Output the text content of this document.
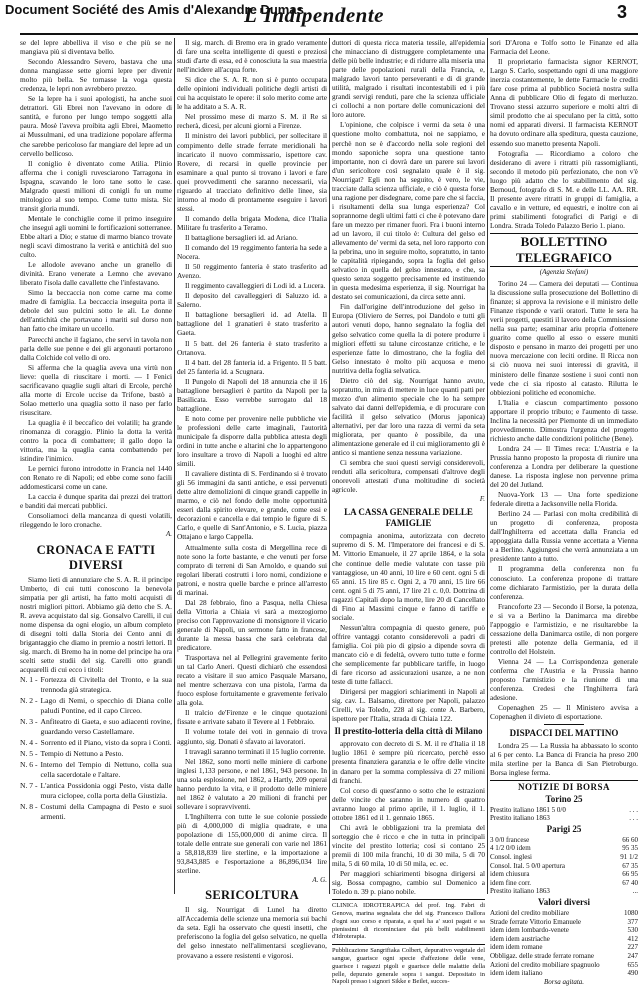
Document Société des Amis d'Alexandre Dumas
L'Indipendente	3

se del lepre abbelliva il viso e che più se ne mangiava più si diventava bello.

Secondo Alessandro Severo, bastava che una donna mangiasse sette giorni lepre per divenir molto più bella. Se tornasse la voga questa credenza, le lepri non avrebbero prezzo.

Se la lepre ha i suoi apologisti, ha anche suoi detrattori. Gli Ebrei non l'avevano in odore di santità, e furono per lungo tempo soggetti alla paura. Mosè l'aveva proibita agli Ebrei, Maometto ai Mussulmani, ed una tradizione popolare afferma che sarebbe pericoloso far mangiare del lepre ad un cervello bellicoso.

Il coniglio è diventato come Atilia. Plinio afferma che i conigli ruvesciarono Tarragona in Ispagna, scavando le loro tane sotto le case. Malgrado questi milioni di conigli fu un nume mitologico al suo tempo. Come tutto mista. Sic transit gloria mundi.

Mentale le conchiglie come il primo inseguire che inseguì agli uomini le fortificazioni sotterranee. Ebbe altari a Dio; e statue di marmo bianco trovate negli scavi dimostrano la verità e antichità del suo culto.

Le allodole avevano anche un granello di divinità. Erano venerate a Lemno che avevano liberato l'isola dalle cavallette che l'infestavano.

Simo la beccaccia non come carne ma come madre di famiglia. La beccaccia inseguita porta il debole del suo pulcini sotto le ali. Le donne dell'antichità che portavano i mariti sul dorso non han fatto che imitare un uccello.

Parecchi anche il fagiano, che servì in tavola non parla delle sue penne e dei gli argonauti portarono dalla Colchide col vello di oro.

Si afferma che la quaglia aveva una virtù non lieve: quella di riuscitare i morti. — I Fenici sacrificavano quaglie sugli altari di Ercole, perchè alla morte di Ercole uccise da Trifone, bastò a Solao metterlo una quaglia sotto il naso per farlo risuscitare.

La quaglia è il beccafico dei volatili; ha grande rinomanza di coraggio. Plinio la dotta la verità contro la poca di combattere; il gallo dopo la vittoria, ma la quaglia canta combattendo per istindire l'inimico.

Le pernici furono introdotte in Francia nel 1440 con Renato re di Napoli; ed ebbe come sono facili addomesticarsi come un cane.

La caccia è dunque sparita dai prezzi dei trattori e banditi dai mercati pubblici.

Consoliamoci della mancanza di questi volatili, rileggendo le loro cronache.

A.
CRONACA E FATTI DIVERSI

Siamo lieti di annunziare che S. A. R. il principe Umberto, di cui tutti conoscono la benevola simpatia per gli artisti, ha fatto molti acquisti di nostri migliori pittori. Abbiamo già detto che S. A. R. aveva acquistato dal sig. Gonsalvo Carelli, il cui nome dispensa da ogni elogio, un album completo di disegni tolti dalla Storia dei Cento anni di brigantaggio che diamo in premio a nostri lettori. Il sig. march. di Bremo ha in nome del principe ha ora scelti sette studii del sig. Carelli otto grandi acquarelli di cui ecco i titoli:

N. 1 - Fortezza di Civitella del Tronto, e la sua trennoda già strategica.
N. 2 - Lago di Nemi, o specchio di Diana colle paludi Pontine, ed il capo Circeo.
N. 3 - Anfiteatro di Gaeta, e suo adiacenti rovine, guardando verso Castellamare.
N. 4 - Sorrento ed il Piano, visto da sopra i Conti.
N. 5 - Tempio di Nettuno a Pesto.
N. 6 - Interno del Tempio di Nettuno, colla sua cella sacerdotale e l'altare.
N. 7 - L'antica Possidonia oggi Pesto, vista dalle mura ciclopee, colla porta della Giustizia.
N. 8 - Costumi della Campagna di Pesto e suoi armenti.

Il sig. march. di Bremo era in grado veramente di fare una scelta intelligente di questi e preziosi studi d'arte di essa, ed è conosciuta la sua maestria nell'incidere all'acqua forte.

Si dice che S. A. R. non si è punto occupata delle opinioni individuali politiche degli artisti di cui ha acquistato le opere: il solo merito come arte le ha additato a S. A. R.

Nel prossimo mese di marzo S. M. il Re si recherà, dicesi, per alcuni giorni a Firenze.

Il ministro dei lavori pubblici, per sollecitare il compimento delle strade ferrate meridionali ha incaricato il nuovo commissario, ispettore cav. Rovere, di recarsi in quelle provincie per esaminare a qual punto si trovano i lavori e fare quei provvedimenti che saranno necessarii, via riguardo al tracciato definitivo delle linee, sia intorno al modo di prontamente eseguire i lavori stessi.

Il comando della brigata Modena, dice l'Italia Militare fu trasferito a Teramo.

Il battaglione bersaglieri id. ad Ariano.

Il comando del 19 reggimento fanteria ha sede a Nocera.

Il 50 reggimento fanteria è stato trasferito ad Avenzo.

Il reggimento cavalleggieri di Lodi id. a Lucera.

Il deposito del cavalleggieri di Saluzzo id. a Salerno.

Il battaglione bersaglieri id. ad Atella. Il battaglione del 1 granatieri è stato trasferito a Gaeta.

Il 5 batt. del 26 fanteria è stato trasferito a Ortanova.

Il 4 batt. del 28 fanteria id. a Frigento. Il 5 batt. del 25 fanteria id. a Scugnara.

Il Pungolo di Napoli del 18 annunzia che il 16 battaglione bersaglieri è partito da Napoli per la Basilicata. Esso verrebbe surrogato dal 18 battaglione.

E noto come per provenire nelle pubbliche vie le professioni delle carte imaginali, l'autorità municipale fa disporre dalla pubblica attesta degli ordini in tutte anche e altarini che lo appartengono loro insultare a trovo di Napoli a luoghi ed altre simili.

Il cavaliere distinta di S. Ferdinando si è trovato gli 56 immagini da santi antiche, e essi pervenuti dette altre demolizioni di cinque grandi cappelle in marmo, e ciò nel fondo delle molte opportunità esseri dalla spirito elevare, e grande, come essi e decorazioni e cancella e dai tempio le figure di S. Carlo, e quelle di Sant'Antonio, e S. Lucia, piazza Ottajano e largo Cappella.

Attualmente sulla costa di Mergellina rece di note sono la forte bastante, e che venuti per forse comprato di terreni di San Arnoldo, e quando sui regolari liberati costrutti i loro nomi, condizione e patroni, e nostra quelle barche e prince all'arresto di marinai.

Dal 28 febbraio, fino a Pasqua, nella Chiesa della Vittoria a Chiaia vi sarà a mezzogiorno preciso con l'approvazione di monsignore il vicario generale di Napoli, un sermone fatto in francese, durante la messa bassa che sarà celebrata dal predicatore.

Trasportava nel al Pellegrini gravemente ferito un tal Carlo Aneri. Questi dichiarò che essendosi recato a visitare il suo amico Pasquale Marsano, nel mentre scherzava con una pistola, l'arma da fuoco esplose fortuitamente e gravemente ferivalo alla gola.

Il tralcio de'Firenze e le cinque quotazioni fissate e arrivate sabato il Tevere al 1 Febbraio.

Il volume totale dei voti in gennaio di trova aggiunto, sig. Donati è sfavato ai lavoratori.

I travagli saranno terminati il 15 luglio corrente.

Nel 1862, sono morti nelle miniere di carbone inglesi 1,133 persone, e nel 1861, 943 persone. In una sola esplosione, nel 1862, a Hartly, 209 operai hanno perduto la vita, e il prodotto delle miniere nel 1862 è valutato a 20 milioni di franchi per sollevare i sopravviventi.

L'Inghilterra con tutte le sue colonie possiede più di 4,000,000 di miglia quadrate, e una popolazione di 155,000,000 di anime circa. Il totale delle entrate sue generali con varie nel 1861 a 58,818,839 lire sterline, e la importazione a 93,843,885 e l'esportazione a 86,896,034 lire sterline.

A. G.
SERICOLTURA

Il sig. Nourrigat di Lunel ha diretto all'Accademia delle scienze una memoria sui bachi da seta. Egli ha osservato che questi insetti, che preferiscono la foglia del gelso selvatico, ne quella del gelso innestato nell'alimentarsi sceglievano, provavano a essere resistenti e vigorosi.

duttori di questa ricca materia tessile, all'epidemia che minacciano di distruggere completamente una delle più belle industrie; e di ridurre alla miseria una parte delle popolazioni rurali della Francia, e, malgrado lavori tanto perseveranti e di di grande utilità, malgrado i risultati incontestabili ed i più grandi servigi renduti, pare che la scienza ufficiale ci collochi a non portare delle comunicazioni del loro autore.

L'opinione, che colpisce i vermi da seta è una questione molto combattuta, noi ne sappiamo, e perchè non se è d'accordo nella sole regioni del mondo saponiche sopra una questione tanto importante, non ci dovrà dare un parere sui lavori d'un sericoltore così segnalato quale è il sig. Nourrigat? Egli non ha seguito, è vero, le vie, tracciate dalla scienza ufficiale, e ciò è questa forse una ragione per disdegnare, come pare che si faccia, i risultamenti della sua lunga esperienza? Col soprannome degli ultimi fatti ci che è potevano dare fare un mezzo per rimaner fuori. Fra i buoni interno ad un lavoro, il cui titolo è: Cultura del gelso ed allevamento de' vermi da seta, nel loro rapporto con la pebrina, uno in seguire molto, sopratutto, in tanto le capitalità ripiegando, sopra la foglia del gelso selvatico in quella del gelso innestato, e che, sa questo senza soggetto precisamente ed instituendo in questa medesima esperienza, il sig. Nourrigat ha destato sei comunicazioni, da circa sette anni.

Fin dall'origine dell'introduzione del gelso in Europa (Oliviero de Serres, poi Dandolo e tutti gli autori venuti dopo, hanno segnalato la foglia del gelso selvatico come quella la di potere produrre i migliori effetti su talune circostanze critiche, e le esperienze fatte lo dimostrano, che la foglia del Gelso innestato è molto più acquosa e meno nutritiva della foglia selvatica.

Dietro ciò del sig. Nourrigat hanno avuto, sopratutto, in mira di mettere in luce quanti patti per mezzo d'un alimento speciale che lo ha sempre salvato dai danni dell'epidemia, e di procurare con facilità il gelso selvatico (Morus japonica) alternativi, per dar loro una razza di vermi da seta migliorata, per quanto è possibile, da una alimentazione generale ed il cui miglioramento gli è antico si mantiene senza nessuna variazione.

Ci sembra che suoi questi servigi considerevoli, renduti alla sericoltura, compensati d'altrove degli onorevoli attestati d'una moltitudine di società agricole.

F.
LA CASSA GENERALE DELLE FAMIGLIE

compagnia anonima, autorizzata con decreto supremo di S. M. l'Imperatore dei francesi e di S. M. Vittorio Emanuele, il 27 aprile 1864, e la sola che continue delle medie valutate con tasse più vantaggiose, un 40 anni, 10 lire e 60 cent. ogni 5 di 65 anni. 15 lire 85 c. Ogni 2, a 70 anni, 15 lire 66 cent. ogni 5 di 75 anni, 17 lire 21 c. 0,0. Dottrina di ragazzi Capitali dopo la morte, lire 20 di Cancellato di Fino ai Massimi cinque e fanno di tariffe e sociale.

Nessun'altra compagnia di questo genere, può offrire vantaggi cotanto considerevoli a padri di famiglia. Coi più pio di gipsio a dipende sovra di mancato ciò e di fedeltà, ovvero tutto tutte e forme che semplicemente far pubblicare tariffe, in luogo di fare ricorso ad assicurazioni usanze, a ne non teste di tutte fallacci.

Dirigersi per maggiori schiarimenti in Napoli al sig. cav. L. Balsamo, direttore per Napoli, palazzo Cirelli, via Toledo, 228 al sig. conte A. Barbero, ispettore per l'Italia, strada di Chiaia 122.

Il prestito-lotteria della città di Milano

approvato con decreto di S. M. il re d'Italia il 18 luglio 1861 è sempre più ricercato, perchè esso presenta finanziera garanzia e le offre delle vincite in danaro per la somma complessiva di 27 milioni di franchi.

Col corso di quest'anno o sotto che le estrazioni delle vincite che saranno in numero di quattro avranno luogo al primo aprile, il 1. luglio, il 1. ottobre 1861 ed il 1. gennaio 1865.

Chi avrà le obbligazioni tra la premiata del sorteggio che è ricco e che in tutta in principali vincite del prestito lotteria; così si contano 25 premii di 100 mila franchi, 10 di 30 mila, 5 di 70 mila, 5 di 60 mila, 10 di 50 mila, ec. ec.

Per maggiori schiarimenti bisogna dirigersi al sig. Bossa compagno, cambio sul Domenico a Toledo n. 39 p. piano nobile.

CLINICA IDROTERAPICA del prof. Ing. Fabri di Genova, marina segnalata che del sig. Francesco Dallora d'ogni suo corso e riparata, a quel ha a' suoi pagati e sa pienissimi di ricominciare dai più belli stabilimenti d'Idroterapia.
Pubblicazione Sangrifiaka Colbert, depurativo vegetale del sangue, guarisce ogni specie d'affezione delle vene, guarisce i ragazzi pigoli e guarisce delle malattie della pelle, depurato generale sopra i sangui. Depositato in Napoli presso i signori Sikke e Beilet, succes-

sori D'Arona e Tolfo sotto le Finanze ed alla Farmacia del Leone.

Il proprietario farmacista signor KERNOT, Largo S. Carlo, sospettando ogni di una maggiore inerzia costantemente, le dette Farmacie le crediti fare cose prima al pubblico Società nostra sulla Anna di pubblicare Olio di fegato di merluzzo. Trovano stessi azzurro superiore e molti altri di simil prodotto che ai speculano per la città, sotto nomi ed apparati diversi. Il farmacista KERNOT ha dovuto ordinare alla speditura, questa cauzione, essendo suo manetto presenta Napoli.

Fotografia — Ricordiamo a coloro che desiderano di avere i ritratti più rassomiglianti, secondo il metodo più perfezionato, che non v'è luogo più adatto che lo stabilimento del sig. Bernoud, fotografo di S. M. e delle LL. AA. RR. Il presente avere ritratti in gruppi di famiglia, a cavallo e in vetture, ed equestri, e inoltre con ai primi stabilimenti fotografici di Parigi e di Londra. Strada Toledo Palazzo Berio 1. piano.

BOLLETTINO TELEGRAFICO
(Agenzia Stefani)

Torino 24 — Camera dei deputati — Continua la discussione sulla prosecuzione del Bollettino di finanze; si approva la revisione e il ministro delle Finanze risponde e varii oratori. Tutte le sera ha verii progetti, questiti il lavoro della Commissione nella sua parte; esaminar ariu propria d'ottenere guarito come quello al esso o essere muniti disposto e pensano in marzo dei progetti per uno nuova mercazione con leciti ordine. Il Ricca non si ciò nuova nei suoi interessi di gravità, il ministero delle finanze sostiene i suoi conti non vede che ci sia riposto al catasto. Rilutta le obbiezioni politiche ed economiche.

L'Italia e ciascun compartimento possono apportare il proprio tributo; e l'aumento di tasse. Inclina la necessità per Piemonte di un immediato provvedimento. Dimostra l'urgenza del progetto richiesto anche dalle condizioni politiche (Bene).

Londra 24 — Il Times reca: L'Austria e la Prussia hanno proposto la proposta di riunire una conferenza a Londra per deliberare la questione danese. La risposta inglese non pervenne prima del 20 del Jutland.

Nuova-York 13 — Una forte spedizione federale diretta a Jacksonville nella Florida.

Berlino 24 — Parlasi con molta credibilità di un progetto di conferenza, proposta dall'Inghilterra ed accettata dalla Francia ed appoggiata dalla Russia venne accettata a Vienna e a Berlino. Aggiungesi che verrà annunziata a un presidente tanto a tutto.

Il programma della conferenza non fu conosciuto. La conferenza propone di trattare come dichiarato l'armistizio, per la durata della conferenza.

Francoforte 23 — Secondo il Borse, la potenza, e si va a Berlino la Danimarca ma direbbe l'appoggio e l'armistizio, e ne risultarebbe la cessazione della Danimarca ostile, di non porgere pretesti alle potenze della Germania, ed il controllo del Holstein.

Vienna 24 — La Corrispondenza generale conferma che l'Austria e la Prussia hanno proposto l'armistizio e la riunione di una conferenza. Credesi che l'Inghilterra farà adesione.

Copenaghen 25 — Il Ministero avvisa a Copenaghen il divieto di esportazione.

DISPACCI DEL MATTINO

Londra 25 — La Russia ha abbassato lo sconto al 6 per cento. La Banca di Francia ha preso 200 mila sterline per la Banca di San Pietroburgo. Borsa inglese ferma.

NOTIZIE DI BORSA
Torino 25
Prestito italiano 1861 5 0/0	. . .
Prestito italiano 1863	. . .
Parigi 25
3 0/0 francese	66 60
4 1/2 0/0 idem	95 35
Consol. inglesi	91 1/2
Consol. Ital. 5 0/0 apertura	67 35
idem chiusura	66 95
idem fine corr.	67 40
Prestito italiano 1863	...
Valori diversi
Azioni del credito mobiliare	1080
Strade ferrate Vittorio Emanuele	377
idem idem lombardo-venete	530
idem idem austriache	412
idem idem romane	227
Obbligaz. delle strade ferrate romane	247
Azioni del credito mobiliare spagnuolo	655
idem idem italiano	490
Borsa agitata.
